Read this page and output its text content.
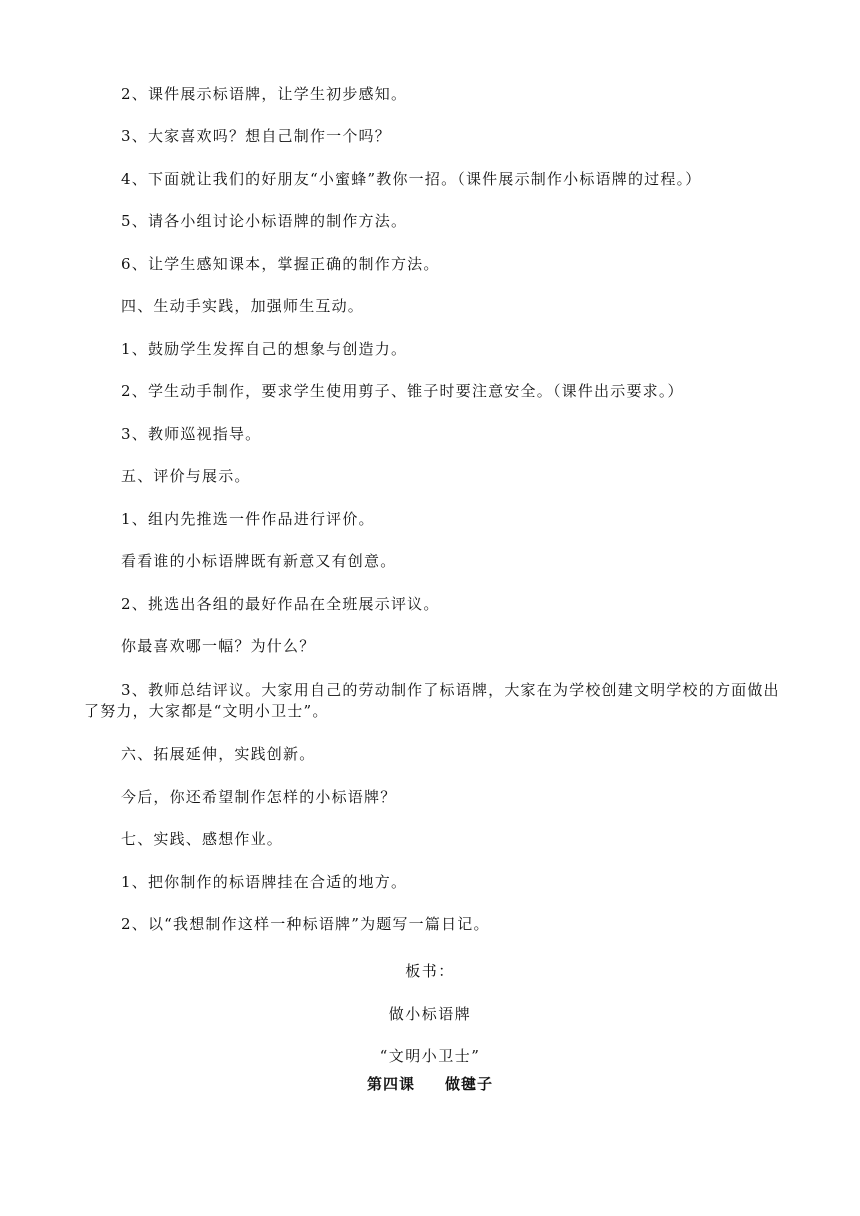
2、课件展示标语牌，让学生初步感知。
3、大家喜欢吗？想自己制作一个吗？
4、下面就让我们的好朋友“小蜜蜂”教你一招。（课件展示制作小标语牌的过程。）
5、请各小组讨论小标语牌的制作方法。
6、让学生感知课本，掌握正确的制作方法。
四、生动手实践，加强师生互动。
1、鼓励学生发挥自己的想象与创造力。
2、学生动手制作，要求学生使用剪子、锥子时要注意安全。（课件出示要求。）
3、教师巡视指导。
五、评价与展示。
1、组内先推选一件作品进行评价。
看看谁的小标语牌既有新意又有创意。
2、挑选出各组的最好作品在全班展示评议。
你最喜欢哪一幅？为什么？
3、教师总结评议。大家用自己的劳动制作了标语牌，大家在为学校创建文明学校的方面做出了努力，大家都是“文明小卫士”。
六、拓展延伸，实践创新。
今后，你还希望制作怎样的小标语牌？
七、实践、感想作业。
1、把你制作的标语牌挂在合适的地方。
2、以“我想制作这样一种标语牌”为题写一篇日记。
板书：
做小标语牌
“文明小卫士”
第四课 做毽子
